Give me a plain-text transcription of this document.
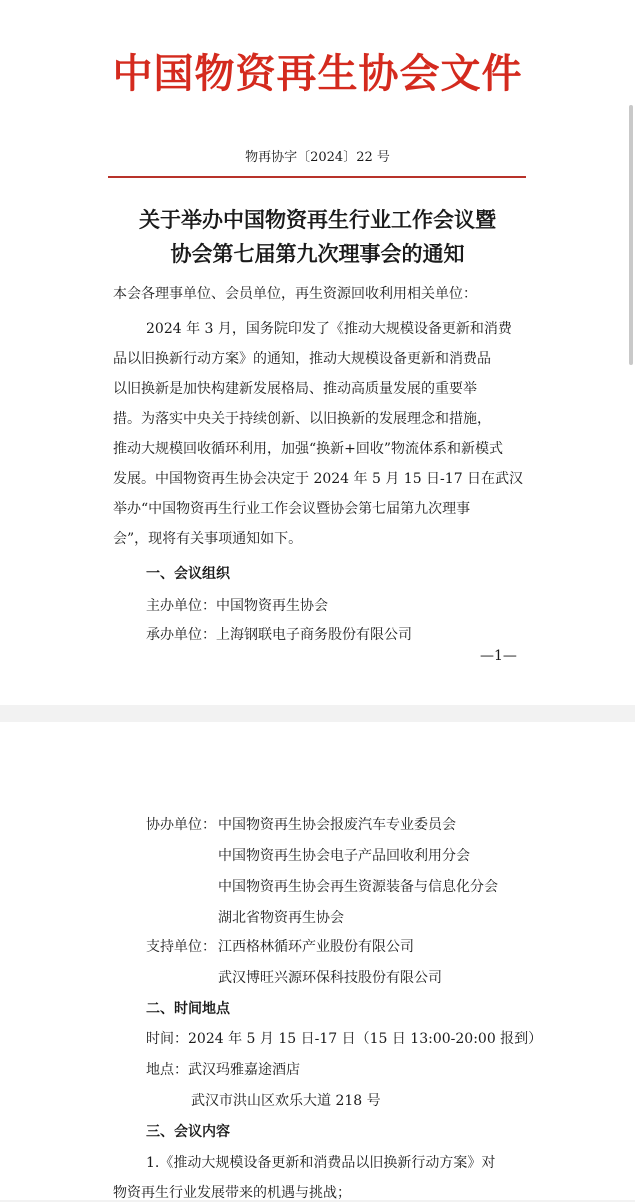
中国物资再生协会文件
物再协字〔2024〕22 号
关于举办中国物资再生行业工作会议暨
协会第七届第九次理事会的通知
本会各理事单位、会员单位，再生资源回收利用相关单位：
2024 年 3 月，国务院印发了《推动大规模设备更新和消费
品以旧换新行动方案》的通知，推动大规模设备更新和消费品
以旧换新是加快构建新发展格局、推动高质量发展的重要举
措。为落实中央关于持续创新、以旧换新的发展理念和措施，
推动大规模回收循环利用，加强“换新+回收”物流体系和新模式
发展。中国物资再生协会决定于 2024 年 5 月 15 日-17 日在武汉
举办“中国物资再生行业工作会议暨协会第七届第九次理事
会”，现将有关事项通知如下。
一、会议组织
主办单位：中国物资再生协会
承办单位：上海钢联电子商务股份有限公司
—1—
协办单位： 中国物资再生协会报废汽车专业委员会
中国物资再生协会电子产品回收利用分会
中国物资再生协会再生资源装备与信息化分会
湖北省物资再生协会
支持单位： 江西格林循环产业股份有限公司
武汉博旺兴源环保科技股份有限公司
二、时间地点
时间：2024 年 5 月 15 日-17 日（15 日 13:00-20:00 报到）
地点：武汉玛雅嘉途酒店
武汉市洪山区欢乐大道 218 号
三、会议内容
1.《推动大规模设备更新和消费品以旧换新行动方案》对
物资再生行业发展带来的机遇与挑战；
